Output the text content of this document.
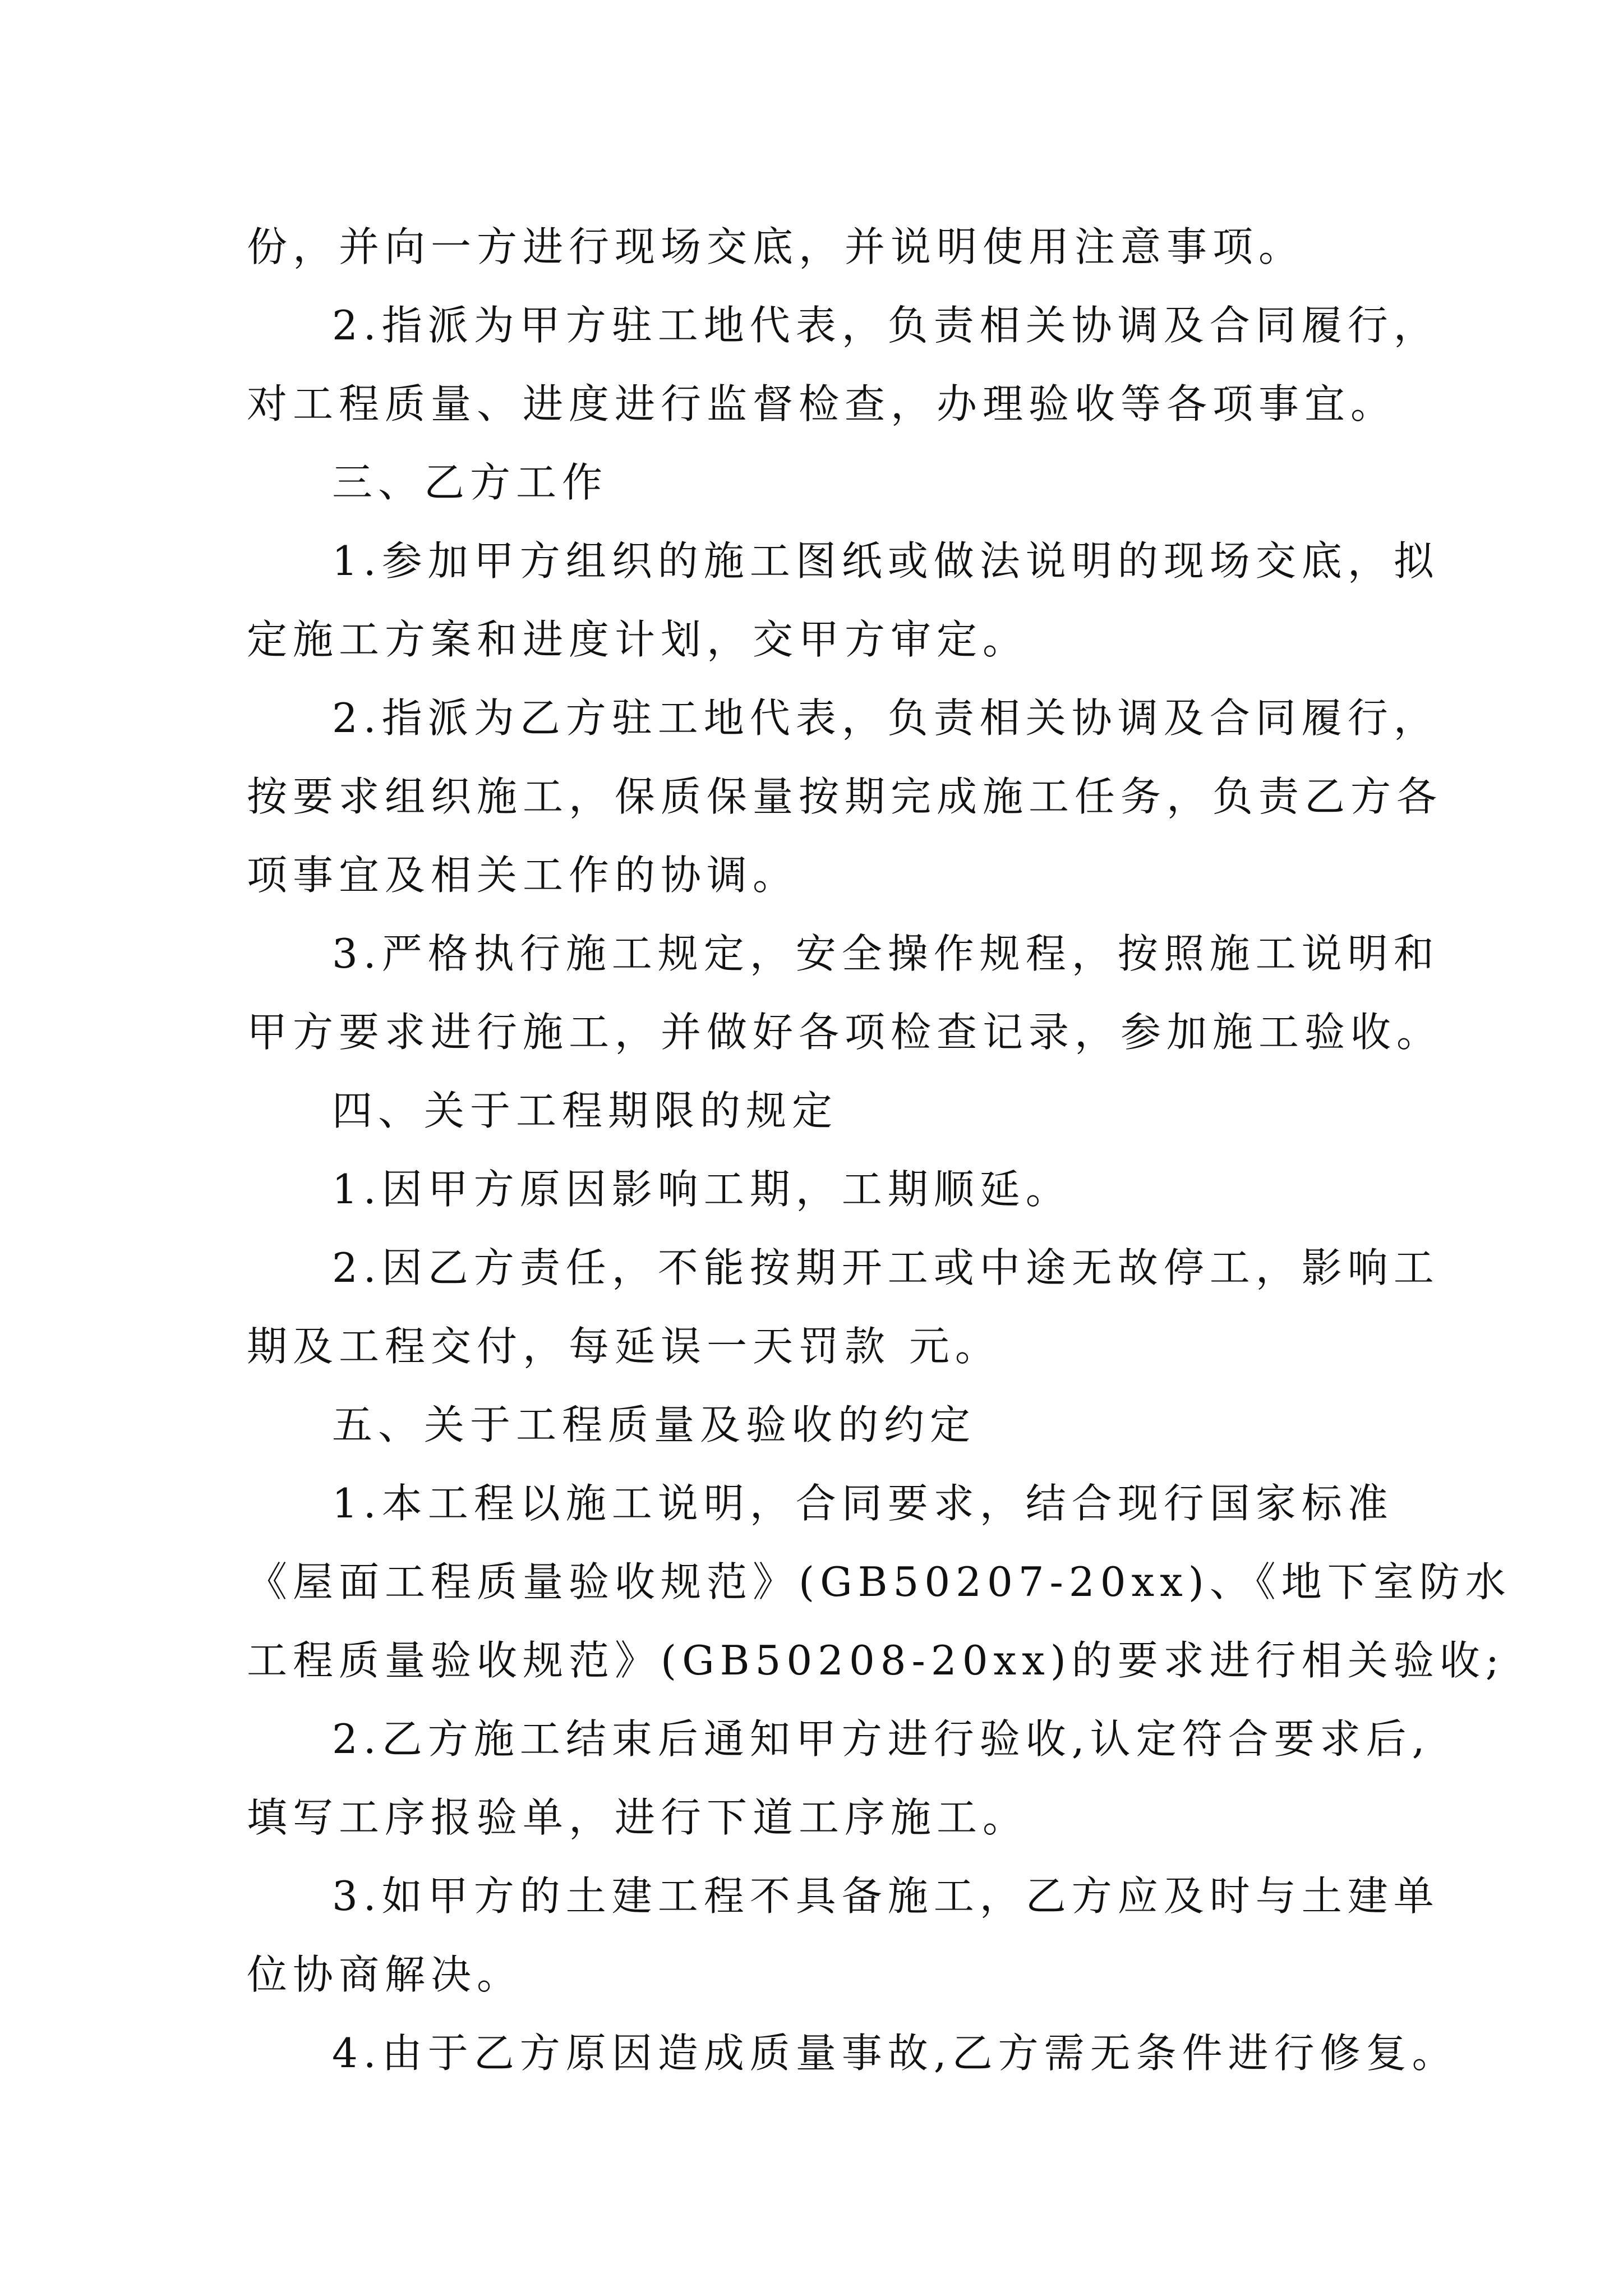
份，并向一方进行现场交底，并说明使用注意事项。
2.指派为甲方驻工地代表，负责相关协调及合同履行，
对工程质量、进度进行监督检查，办理验收等各项事宜。
三、乙方工作
1.参加甲方组织的施工图纸或做法说明的现场交底，拟
定施工方案和进度计划，交甲方审定。
2.指派为乙方驻工地代表，负责相关协调及合同履行，
按要求组织施工，保质保量按期完成施工任务，负责乙方各
项事宜及相关工作的协调。
3.严格执行施工规定，安全操作规程，按照施工说明和
甲方要求进行施工，并做好各项检查记录，参加施工验收。
四、关于工程期限的规定
1.因甲方原因影响工期，工期顺延。
2.因乙方责任，不能按期开工或中途无故停工，影响工
期及工程交付，每延误一天罚款 元。
五、关于工程质量及验收的约定
1.本工程以施工说明，合同要求，结合现行国家标准
《屋面工程质量验收规范》(GB50207-20xx)、《地下室防水
工程质量验收规范》(GB50208-20xx)的要求进行相关验收;
2.乙方施工结束后通知甲方进行验收,认定符合要求后,
填写工序报验单，进行下道工序施工。
3.如甲方的土建工程不具备施工，乙方应及时与土建单
位协商解决。
4.由于乙方原因造成质量事故,乙方需无条件进行修复。
